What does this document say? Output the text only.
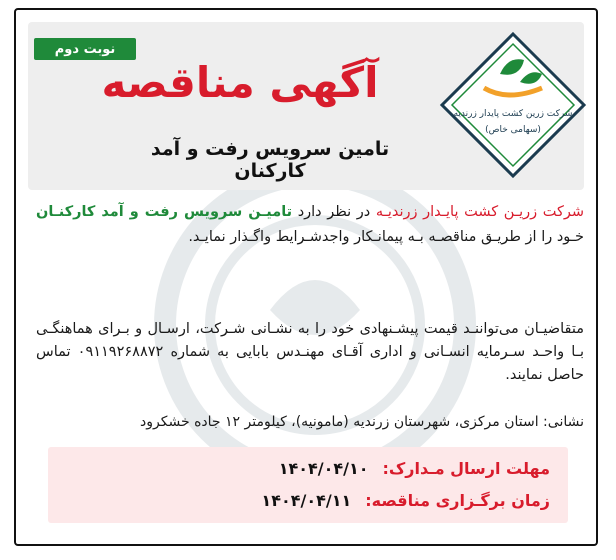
نوبت دوم
آگهی مناقصه
تامین سرویس رفت و آمد کارکنان
شرکت زرین کشت پایدار زرندیه
(سهامی خاص)
شرکت زریـن کشت پایـدار زرندیـه در نظر دارد تامیـن سرویس رفت و آمد کارکنـان خـود را از طریـق مناقصـه بـه پیمانـکار واجدشـرایط واگـذار نمایـد.
متقاضیـان می‌تواننـد قیمت پیشـنهادی خود را به نشـانی شـرکت، ارسـال و بـرای هماهنگـی بـا واحـد سـرمایه انسـانی و اداری آقـای مهنـدس بابایی به شماره ۰۹۱۱۹۲۶۸۸۷۲ تماس حاصل نمایند.
نشانی: استان مرکزی، شهرستان زرندیه (مامونیه)، کیلومتر ۱۲ جاده خشکرود
مهلت ارسال مـدارک:
۱۴۰۴/۰۴/۱۰
زمان برگـزاری مناقصه:
۱۴۰۴/۰۴/۱۱
